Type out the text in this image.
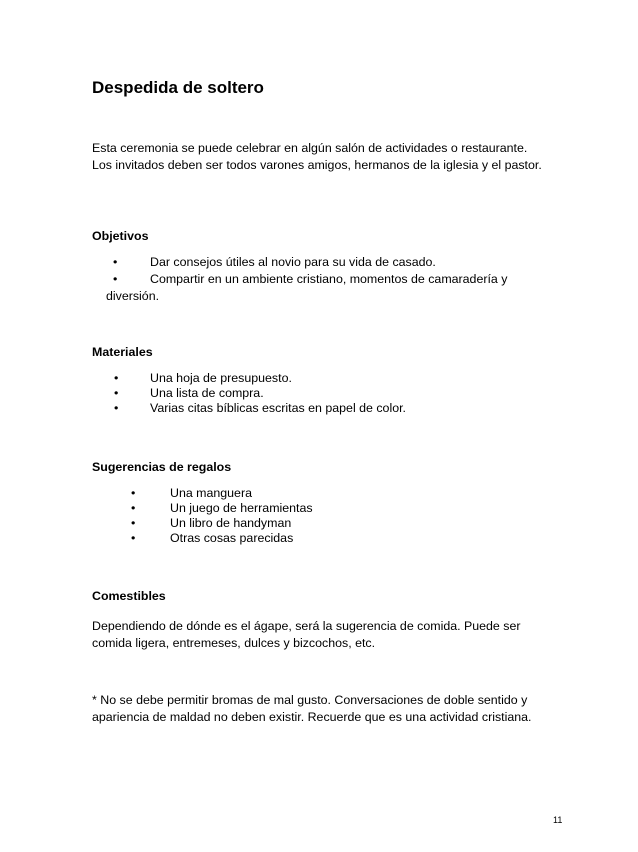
Despedida de soltero
Esta ceremonia se puede celebrar en algún salón de actividades o restaurante.
Los invitados deben ser todos varones amigos, hermanos de la iglesia y el pastor.
Objetivos
•	Dar consejos útiles al novio para su vida de casado.
•	Compartir en un ambiente cristiano, momentos de camaradería y
diversión.
Materiales
•	Una hoja de presupuesto.
•	Una lista de compra.
•	Varias citas bíblicas escritas en papel de color.
Sugerencias de regalos
•	Una manguera
•	Un juego de herramientas
•	Un libro de handyman
•	Otras cosas parecidas
Comestibles
Dependiendo de dónde es el ágape, será la sugerencia de comida. Puede ser
comida ligera, entremeses, dulces y bizcochos, etc.
* No se debe permitir bromas de mal gusto. Conversaciones de doble sentido y
apariencia de maldad no deben existir. Recuerde que es una actividad cristiana.
11
